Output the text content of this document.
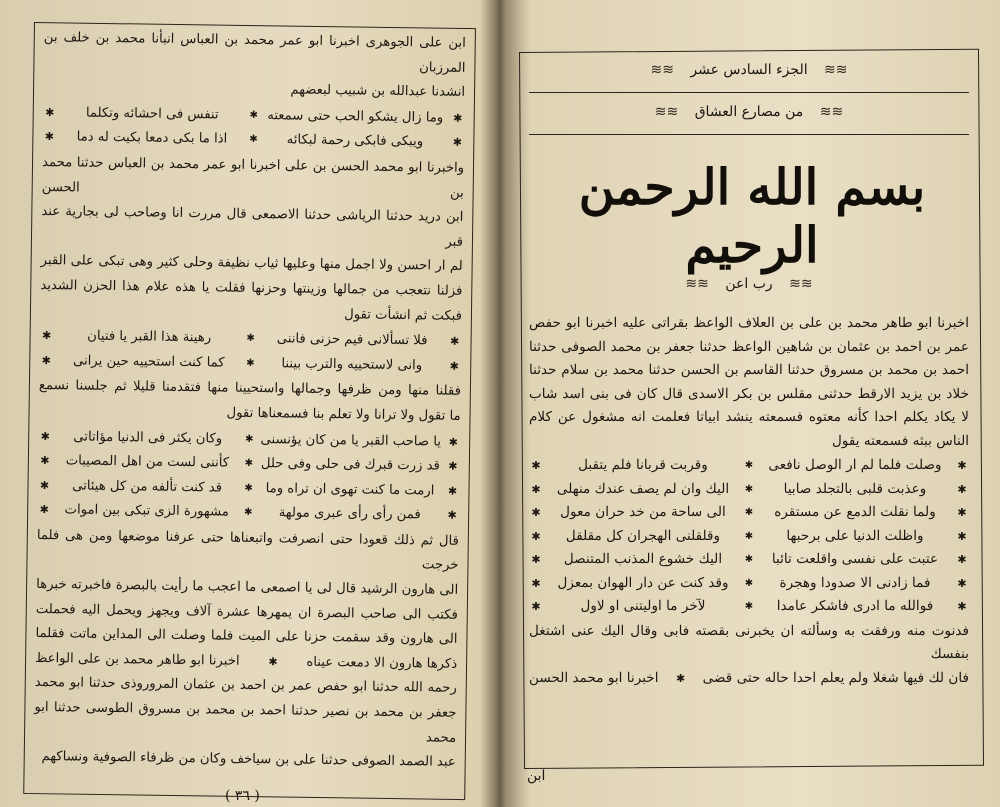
ابن على الجوهرى اخبرنا ابو عمر محمد بن العباس انبأنا محمد بن خلف بن المرزبان

انشدنا عبدالله بن شبيب لبعضهم

✱
وما زال يشكو الحب حتى سمعته
✱
تنفس فى احشائه وتكلما
✱
✱
ويبكى فابكى رحمة لبكائه
✱
اذا ما بكى دمعا بكيت له دما
✱

واخبرنا ابو محمد الحسن بن على اخبرنا ابو عمر محمد بن العباس حدثنا محمد بن الحسن

ابن دريد حدثنا الرياشى حدثنا الاصمعى قال مررت انا وصاحب لى بجارية عند قبر

لم ار احسن ولا اجمل منها وعليها ثياب نظيفة وحلى كثير وهى تبكى على القبر

فزلنا نتعجب من جمالها وزينتها وحزنها فقلت يا هذه علام هذا الحزن الشديد

فبكت ثم انشأت تقول

✱
فلا تسألانى فيم حزنى فاننى
✱
رهينة هذا القبر يا فتيان
✱
✱
وانى لاستحييه والترب بيننا
✱
كما كنت استحييه حين يرانى
✱

فقلنا منها ومن ظرفها وجمالها واستحيينا منها فتقدمنا قليلا ثم جلسنا نسمع

ما تقول ولا ترانا ولا تعلم بنا فسمعناها تقول

✱
يا صاحب القبر يا من كان يؤنسنى
✱
وكان يكثر فى الدنيا مؤاتاتى
✱
✱
قد زرت قبرك فى حلى وفى حلل
✱
كأننى لست من اهل المصيبات
✱
✱
ارمت ما كنت تهوى ان تراه وما
✱
قد كنت تألفه من كل هيئاتى
✱
✱
فمن رأى رأى عبرى مولهة
✱
مشهورة الزى تبكى بين اموات
✱

قال ثم ذلك قعودا حتى انصرفت واتبعناها حتى عرفنا موضعها ومن هى فلما خرجت

الى هارون الرشيد قال لى يا اصمعى ما اعجب ما رأيت بالبصرة فاخبرته خبرها

فكتب الى صاحب البصرة ان يمهرها عشرة آلاف ويجهز ويحمل اليه فحملت

الى هارون وقد سقمت حزنا على الميت فلما وصلت الى المداين ماتت فقلما

ذكرها هارون الا دمعت عيناه
✱
اخبرنا ابو طاهر محمد بن على الواعظ

رحمه الله حدثنا ابو حفص عمر بن احمد بن عثمان المروروذى حدثنا ابو محمد

جعفر بن محمد بن نصير حدثنا احمد بن محمد بن مسروق الطوسى حدثنا ابو محمد

عبد الصمد الصوفى حدثنا على بن سياخف وكان من ظرفاء الصوفية ونساكهم

( ٣٦ )
≋≋ الجزء السادس عشر ≋≋
≋≋ من مصارع العشاق ≋≋
بسم الله الرحمن الرحيم
≋≋ رب اعن ≋≋

اخبرنا ابو طاهر محمد بن على بن العلاف الواعظ بقراتى عليه اخبرنا ابو حفص

عمر بن احمد بن عثمان بن شاهين الواعظ حدثنا جعفر بن محمد الصوفى حدثنا

احمد بن محمد بن مسروق حدثنا القاسم بن الحسن حدثنا محمد بن سلام حدثنا

خلاد بن يزيد الارقط حدثنى مقلس بن بكر الاسدى قال كان فى بنى اسد شاب

لا يكاد يكلم احدا كأنه معتوه فسمعته ينشد ابياتا فعلمت انه مشغول عن كلام

الناس ببثه فسمعته يقول

✱
وصلت فلما لم ار الوصل نافعى
✱
وقربت قربانا فلم يتقبل
✱
✱
وعذبت قلبى بالتجلد صابيا
✱
اليك وان لم يصف عندك منهلى
✱
✱
ولما نقلت الدمع عن مستقره
✱
الى ساحة من خد حران معول
✱
✱
واظلت الدنيا على برحبها
✱
وقلقلنى الهجران كل مقلقل
✱
✱
عتبت على نفسى واقلعت تائبا
✱
اليك خشوع المذنب المتنصل
✱
✱
فما زادنى الا صدودا وهجرة
✱
وقد كنت عن دار الهوان بمعزل
✱
✱
فوالله ما ادرى فاشكر عامدا
✱
لآخر ما اوليتنى او لاول
✱

فدنوت منه ورفقت به وسألته ان يخبرنى بقصته فابى وقال اليك عنى اشتغل بنفسك

فان لك فيها شغلا ولم يعلم احدا حاله حتى قضى
✱
اخبرنا ابو محمد الحسن

ابن
